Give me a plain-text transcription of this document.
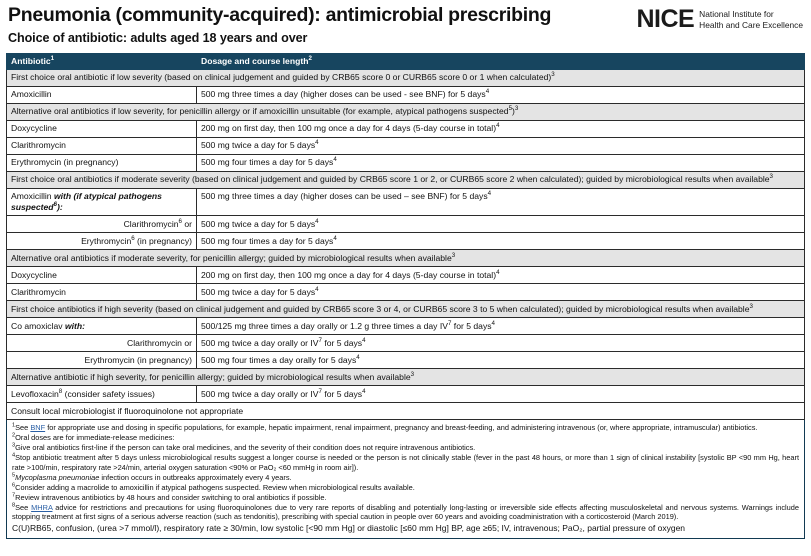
Pneumonia (community-acquired): antimicrobial prescribing
Choice of antibiotic: adults aged 18 years and over
NICE National Institute for
Health and Care Excellence
Antibiotic$^1$	Dosage and course length$^2$
First choice oral antibiotic if low severity (based on clinical judgement and guided by CRB65 score 0 or CURB65 score 0 or 1 when calculated)$^3$
Amoxicillin	500 mg three times a day (higher doses can be used - see BNF) for 5 days$^4$
Alternative oral antibiotics if low severity, for penicillin allergy or if amoxicillin unsuitable (for example, atypical pathogens suspected$^5$)$^3$
Doxycycline	200 mg on first day, then 100 mg once a day for 4 days (5-day course in total)$^4$
Clarithromycin	500 mg twice a day for 5 days$^4$
Erythromycin (in pregnancy)	500 mg four times a day for 5 days$^4$
First choice oral antibiotics if moderate severity (based on clinical judgement and guided by CRB65 score 1 or 2, or CURB65 score 2 when calculated); guided by microbiological results when available$^3$
Amoxicillin with (if atypical pathogens suspected$^6$):	500 mg three times a day (higher doses can be used – see BNF) for 5 days$^4$
Clarithromycin$^6$ or	500 mg twice a day for 5 days$^4$
Erythromycin$^6$ (in pregnancy)	500 mg four times a day for 5 days$^4$
Alternative oral antibiotics if moderate severity, for penicillin allergy; guided by microbiological results when available$^3$
Doxycycline	200 mg on first day, then 100 mg once a day for 4 days (5-day course in total)$^4$
Clarithromycin	500 mg twice a day for 5 days$^4$
First choice antibiotics if high severity (based on clinical judgement and guided by CRB65 score 3 or 4, or CURB65 score 3 to 5 when calculated); guided by microbiological results when available$^3$
Co amoxiclav with:	500/125 mg three times a day orally or 1.2 g three times a day $IV^7$ for 5 days$^4$
Clarithromycin or	500 mg twice a day orally or $IV^7$ for 5 days$^4$
Erythromycin (in pregnancy)	500 mg four times a day orally for 5 days$^4$
Alternative antibiotic if high severity, for penicillin allergy; guided by microbiological results when available$^3$
Levofloxacin$^8$ (consider safety issues)	500 mg twice a day orally or $IV^7$ for 5 days$^4$
Consult local microbiologist if fluoroquinolone not appropriate	
$^1$See BNF for appropriate use and dosing in specific populations, for example, hepatic impairment, renal impairment, pregnancy and breast-feeding, and administering intravenous (or, where appropriate, intramuscular) antibiotics.
$^2$Oral doses are for immediate-release medicines:
$^3$Give oral antibiotics first-line if the person can take oral medicines, and the severity of their condition does not require intravenous antibiotics.
$^4$Stop antibiotic treatment after 5 days unless microbiological results suggest a longer course is needed or the person is not clinically stable (fever in the past 48 hours, or more than 1 sign of clinical instability [systolic BP <90 mm Hg, heart rate >100/min, respiratory rate >24/min, arterial oxygen saturation <90% or PaO₂ <60 mmHg in room air]).
$^5$Mycoplasma pneumoniae infection occurs in outbreaks approximately every 4 years.
$^6$Consider adding a macrolide to amoxicillin if atypical pathogens suspected. Review when microbiological results available.
$^7$Review intravenous antibiotics by 48 hours and consider switching to oral antibiotics if possible.
$^8$See MHRA advice for restrictions and precautions for using fluoroquinolones due to very rare reports of disabling and potentially long-lasting or irreversible side effects affecting musculoskeletal and nervous systems. Warnings include stopping treatment at first signs of a serious adverse reaction (such as tendonitis), prescribing with special caution in people over 60 years and avoiding coadministration with a corticosteroid (March 2019).
C(U)RB65, confusion, (urea >7 mmol/l), respiratory rate ≥ 30/min, low systolic [<90 mm Hg] or diastolic [≤60 mm Hg] BP, age ≥65; IV, intravenous; PaO₂, partial pressure of oxygen
